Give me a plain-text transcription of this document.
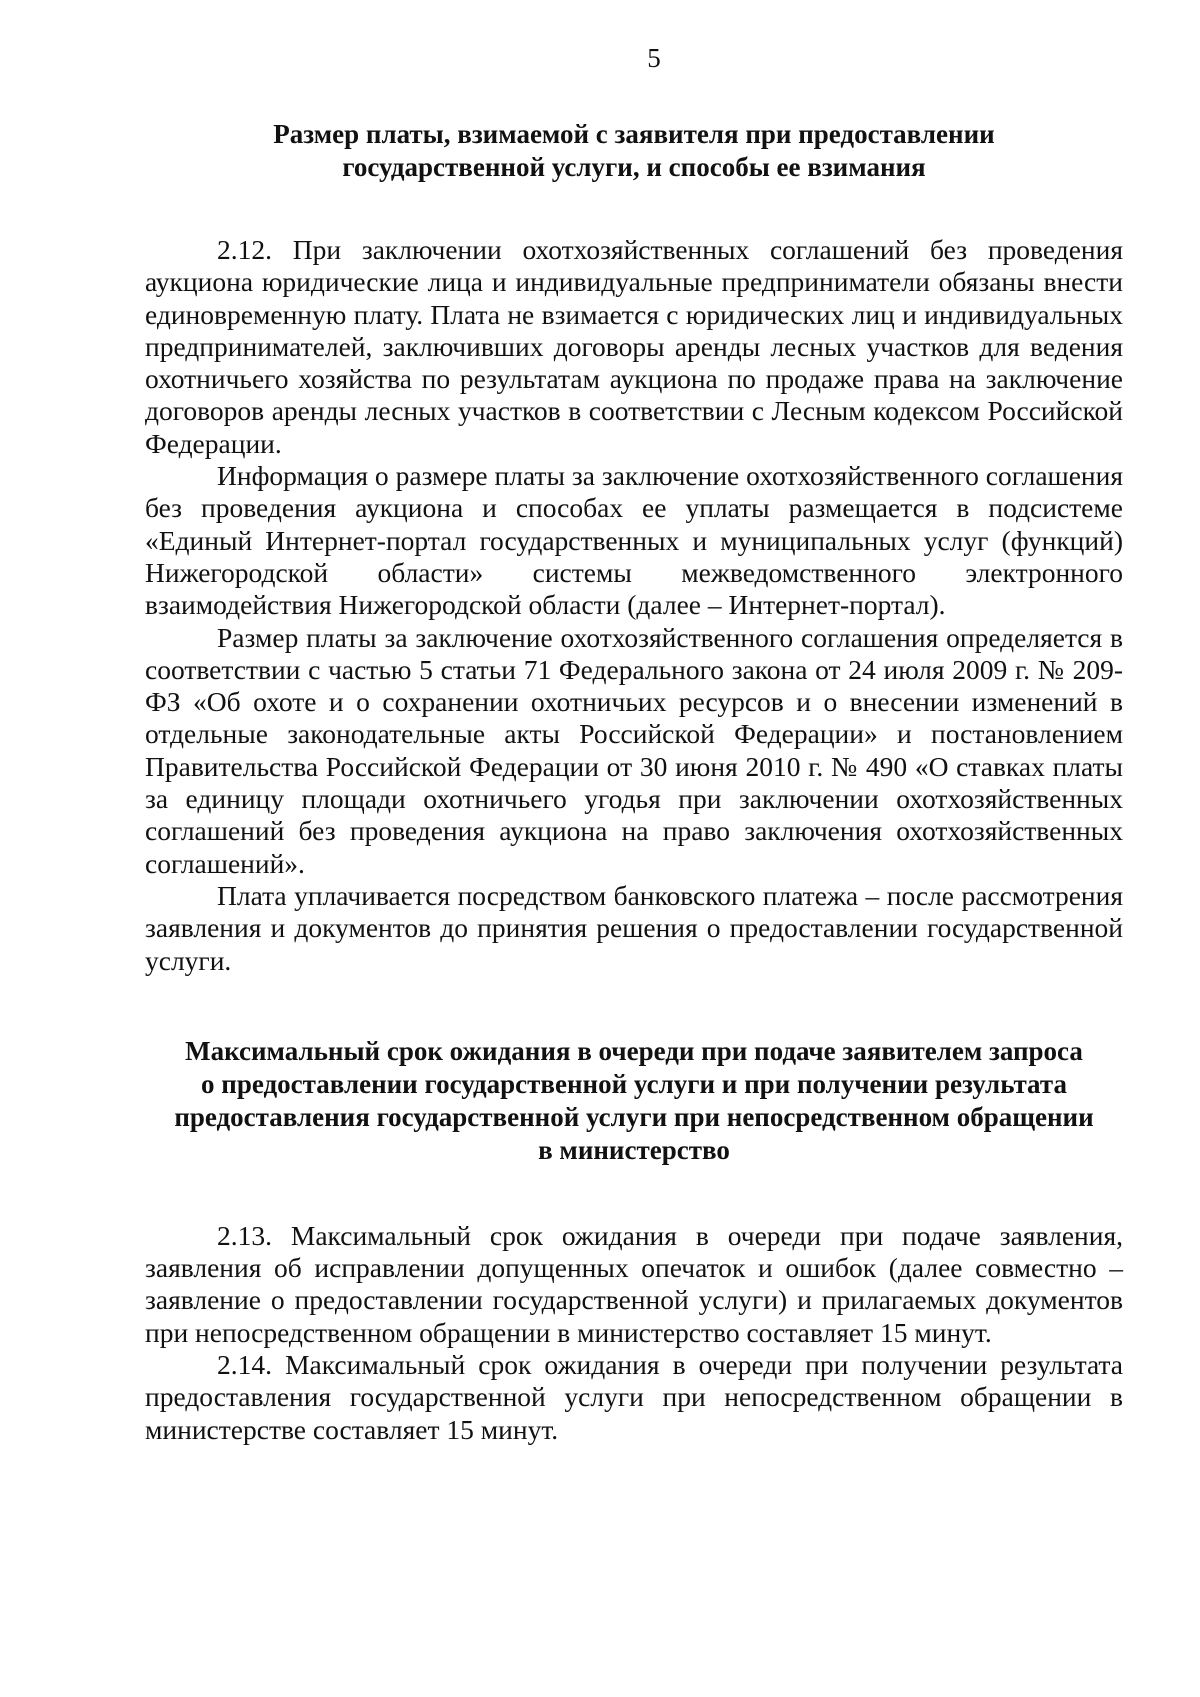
5
Размер платы, взимаемой с заявителя при предоставлении
государственной услуги, и способы ее взимания

2.12. При заключении охотхозяйственных соглашений без проведения аукциона юридические лица и индивидуальные предприниматели обязаны внести единовременную плату. Плата не взимается с юридических лиц и индивидуальных предпринимателей, заключивших договоры аренды лесных участков для ведения охотничьего хозяйства по результатам аукциона по продаже права на заключение договоров аренды лесных участков в соответствии с Лесным кодексом Российской Федерации.

Информация о размере платы за заключение охотхозяйственного соглашения без проведения аукциона и способах ее уплаты размещается в подсистеме «Единый Интернет-портал государственных и муниципальных услуг (функций) Нижегородской области» системы межведомственного электронного взаимодействия Нижегородской области (далее – Интернет-портал).

Размер платы за заключение охотхозяйственного соглашения определяется в соответствии с частью 5 статьи 71 Федерального закона от 24 июля 2009 г. № 209-ФЗ «Об охоте и о сохранении охотничьих ресурсов и о внесении изменений в отдельные законодательные акты Российской Федерации» и постановлением Правительства Российской Федерации от 30 июня 2010 г. № 490 «О ставках платы за единицу площади охотничьего угодья при заключении охотхозяйственных соглашений без проведения аукциона на право заключения охотхозяйственных соглашений».

Плата уплачивается посредством банковского платежа – после рассмотрения заявления и документов до принятия решения о предоставлении государственной услуги.

Максимальный срок ожидания в очереди при подаче заявителем запроса
о предоставлении государственной услуги и при получении результата
предоставления государственной услуги при непосредственном обращении
в министерство

2.13. Максимальный срок ожидания в очереди при подаче заявления, заявления об исправлении допущенных опечаток и ошибок (далее совместно – заявление о предоставлении государственной услуги) и прилагаемых документов при непосредственном обращении в министерство составляет 15 минут.

2.14. Максимальный срок ожидания в очереди при получении результата предоставления государственной услуги при непосредственном обращении в министерстве составляет 15 минут.
